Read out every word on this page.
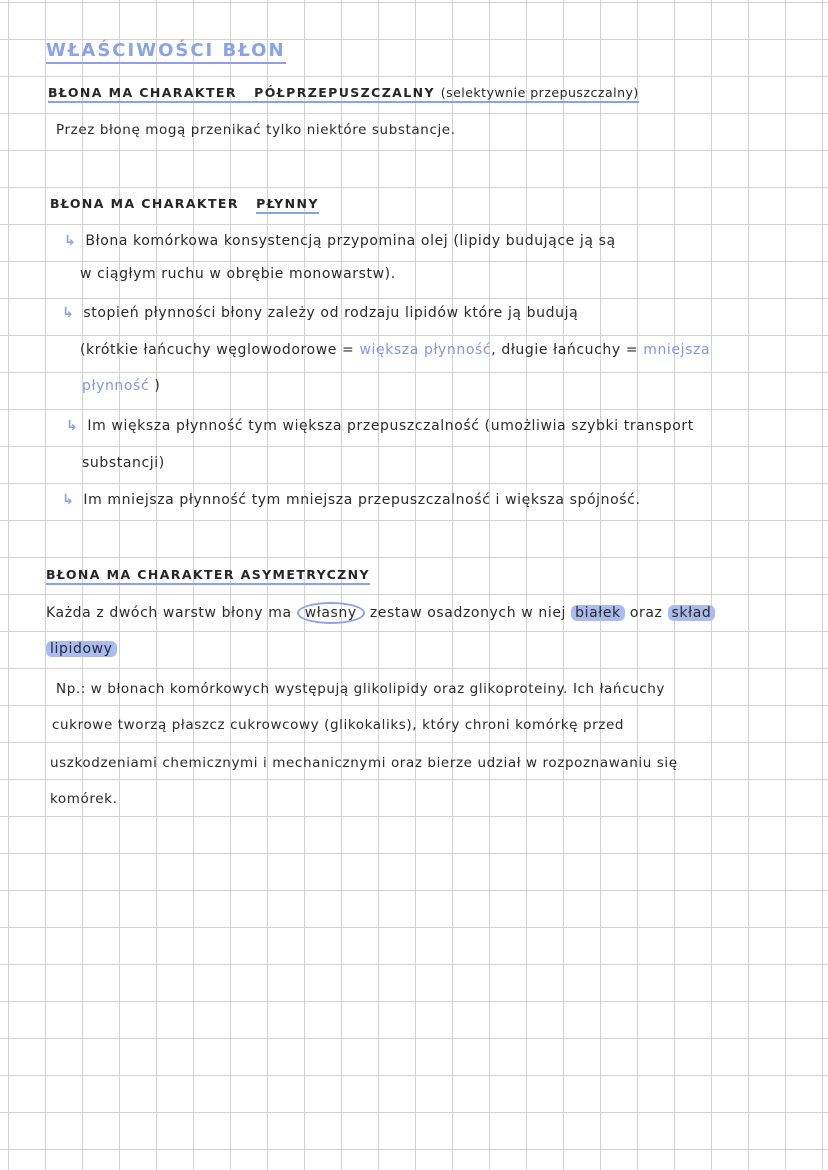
WŁAŚCIWOŚCI BŁON
BŁONA MA CHARAKTER PÓŁPRZEPUSZCZALNY (selektywnie przepuszczalny)
Przez błonę mogą przenikać tylko niektóre substancje.
BŁONA MA CHARAKTER PŁYNNY
↳ Błona komórkowa konsystencją przypomina olej (lipidy budujące ją są
w ciągłym ruchu w obrębie monowarstw).
↳ stopień płynności błony zależy od rodzaju lipidów które ją budują
(krótkie łańcuchy węglowodorowe = większa płynność, długie łańcuchy = mniejsza
płynność )
↳ Im większa płynność tym większa przepuszczalność (umożliwia szybki transport
substancji)
↳ Im mniejsza płynność tym mniejsza przepuszczalność i większa spójność.
BŁONA MA CHARAKTER ASYMETRYCZNY
Każda z dwóch warstw błony ma własny zestaw osadzonych w niej białek oraz skład
lipidowy
Np.: w błonach komórkowych występują glikolipidy oraz glikoproteiny. Ich łańcuchy
cukrowe tworzą płaszcz cukrowcowy (glikokaliks), który chroni komórkę przed
uszkodzeniami chemicznymi i mechanicznymi oraz bierze udział w rozpoznawaniu się
komórek.
